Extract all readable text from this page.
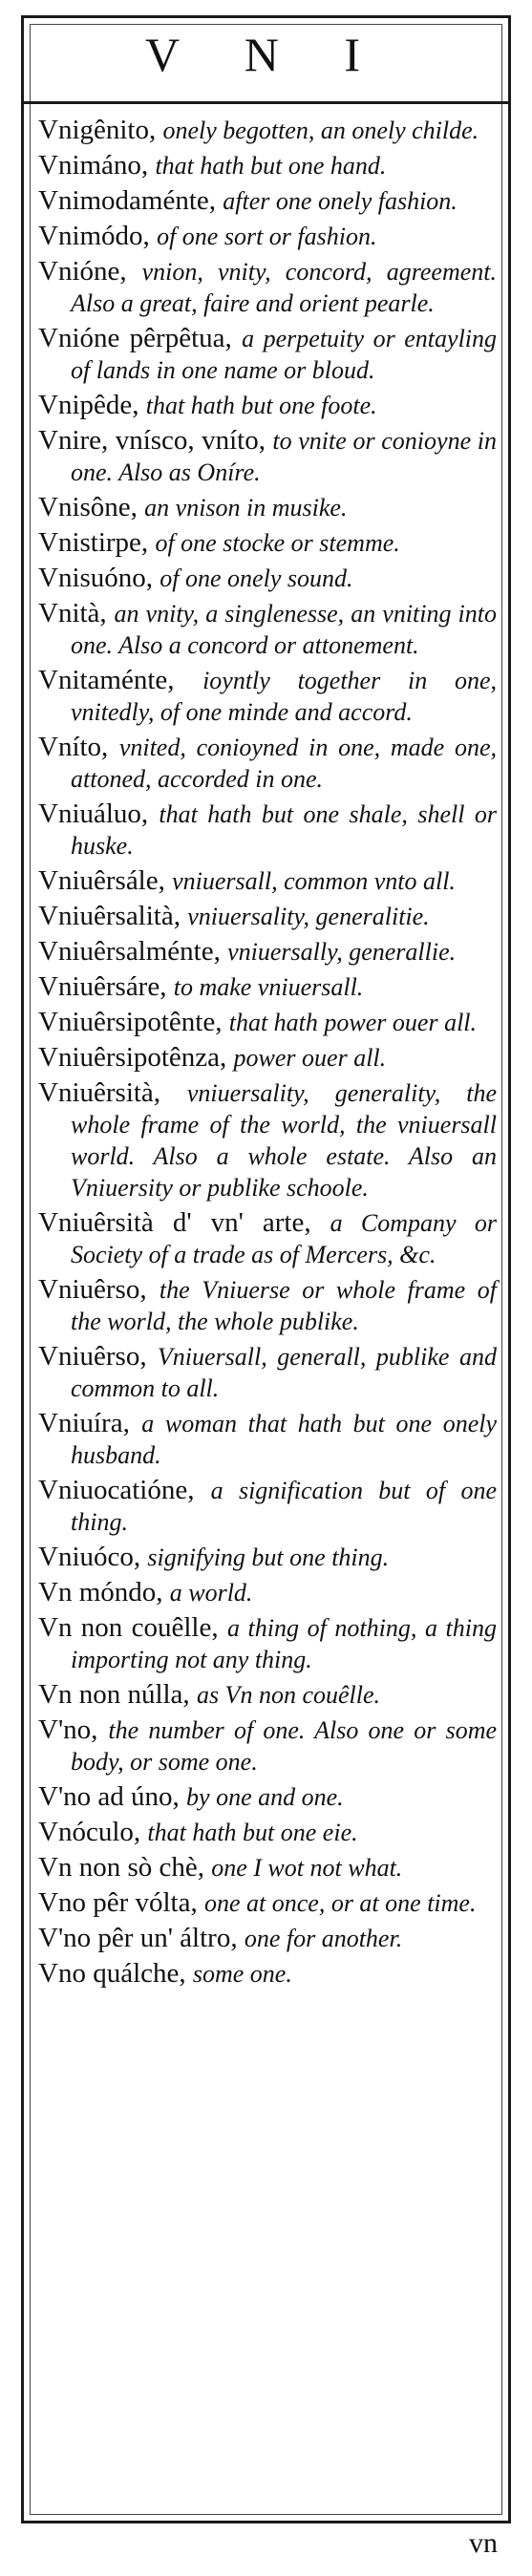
V N I
Vnigênito, onely begotten, an onely childe.
Vnimáno, that hath but one hand.
Vnimodaménte, after one onely fashion.
Vnimódo, of one sort or fashion.
Vnióne, vnion, vnity, concord, agreement. Also a great, faire and orient pearle.
Vnióne pêrpêtua, a perpetuity or entayling of lands in one name or bloud.
Vnipêde, that hath but one foote.
Vnire, vnísco, vníto, to vnite or conioyne in one. Also as Oníre.
Vnisône, an vnison in musike.
Vnistirpe, of one stocke or stemme.
Vnisuóno, of one onely sound.
Vnità, an vnity, a singlenesse, an vniting into one. Also a concord or attonement.
Vnitaménte, ioyntly together in one, vnitedly, of one minde and accord.
Vníto, vnited, conioyned in one, made one, attoned, accorded in one.
Vniuáluo, that hath but one shale, shell or huske.
Vniuêrsále, vniuersall, common vnto all.
Vniuêrsalità, vniuersality, generalitie.
Vniuêrsalménte, vniuersally, generallie.
Vniuêrsáre, to make vniuersall.
Vniuêrsipotênte, that hath power ouer all.
Vniuêrsipotênza, power ouer all.
Vniuêrsità, vniuersality, generality, the whole frame of the world, the vniuersall world. Also a whole estate. Also an Vniuersity or publike schoole.
Vniuêrsità d' vn' arte, a Company or Society of a trade as of Mercers, &c.
Vniuêrso, the Vniuerse or whole frame of the world, the whole publike.
Vniuêrso, Vniuersall, generall, publike and common to all.
Vniuíra, a woman that hath but one onely husband.
Vniuocatióne, a signification but of one thing.
Vniuóco, signifying but one thing.
Vn móndo, a world.
Vn non couêlle, a thing of nothing, a thing importing not any thing.
Vn non núlla, as Vn non couêlle.
V'no, the number of one. Also one or some body, or some one.
V'no ad úno, by one and one.
Vnóculo, that hath but one eie.
Vn non sò chè, one I wot not what.
Vno pêr vólta, one at once, or at one time.
V'no pêr un' áltro, one for another.
Vno quálche, some one.
vn
